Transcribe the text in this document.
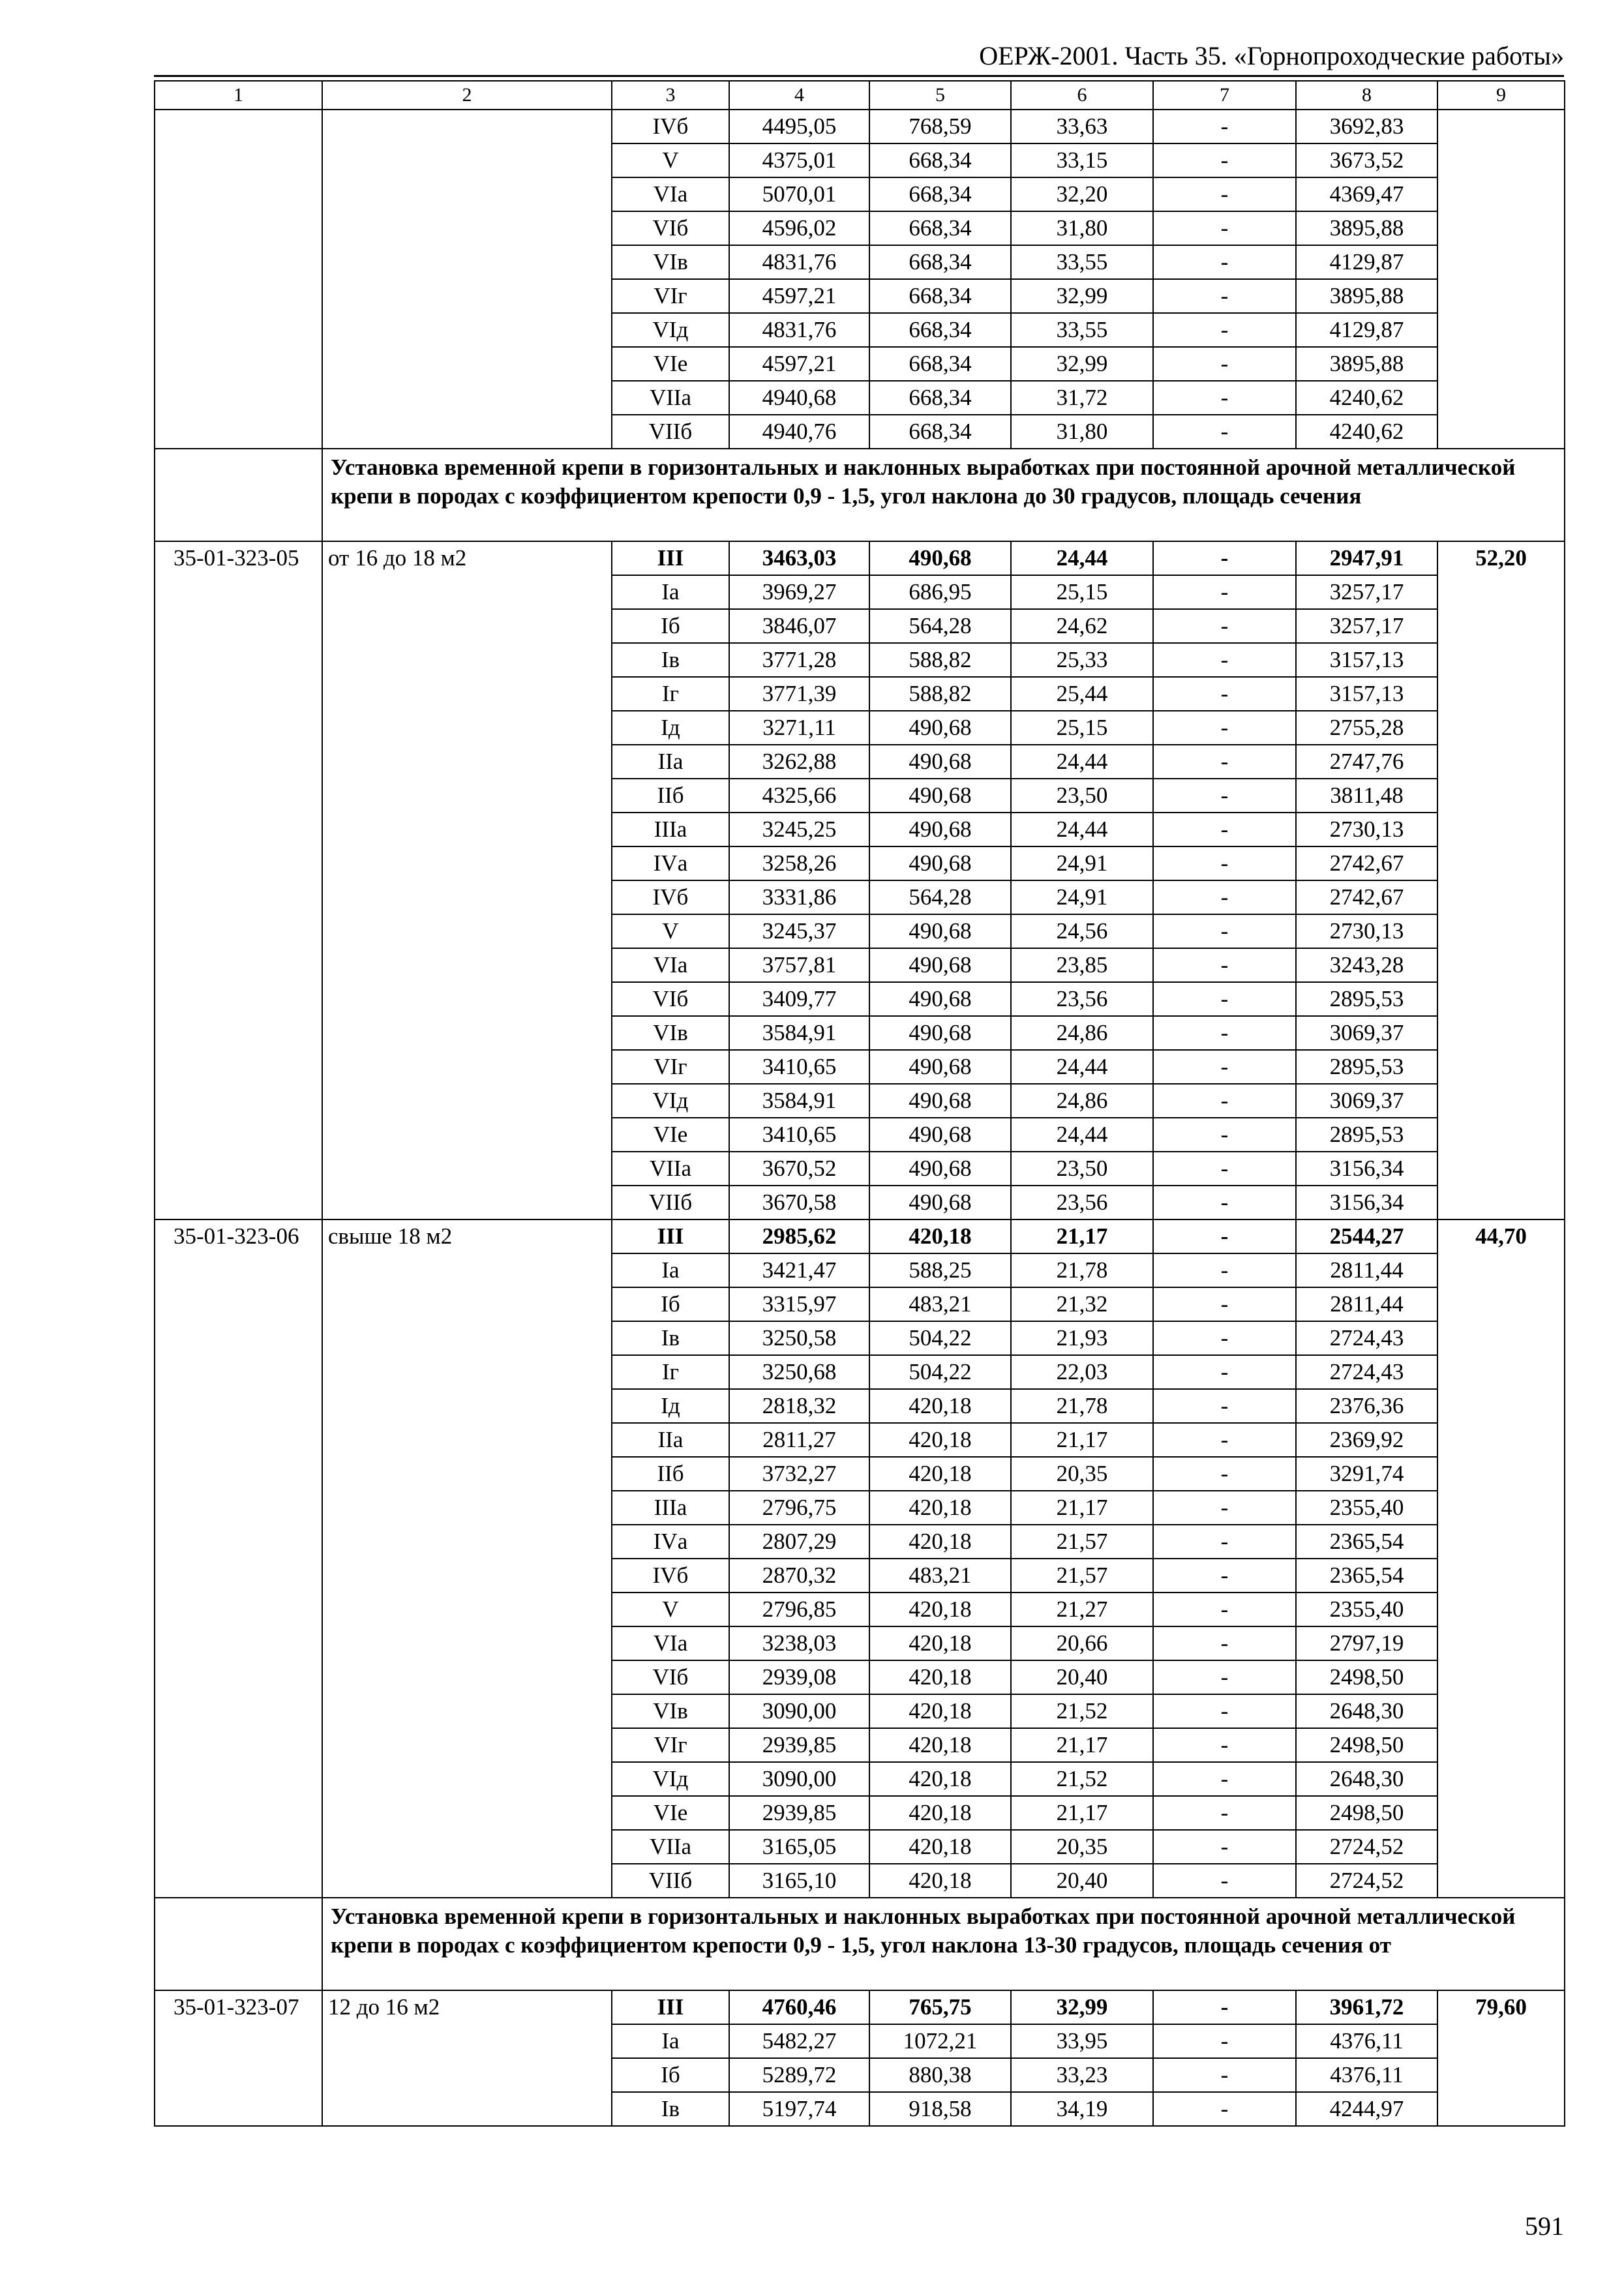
ОЕРЖ-2001. Часть 35. «Горнопроходческие работы»
1	2	3	4	5	6	7	8	9
		IVб	4495,05	768,59	33,63	-	3692,83	
		V	4375,01	668,34	33,15	-	3673,52	
		VIа	5070,01	668,34	32,20	-	4369,47	
		VIб	4596,02	668,34	31,80	-	3895,88	
		VIв	4831,76	668,34	33,55	-	4129,87	
		VIг	4597,21	668,34	32,99	-	3895,88	
		VIд	4831,76	668,34	33,55	-	4129,87	
		VIе	4597,21	668,34	32,99	-	3895,88	
		VIIа	4940,68	668,34	31,72	-	4240,62	
		VIIб	4940,76	668,34	31,80	-	4240,62	
	Установка временной крепи в горизонтальных и наклонных выработках при постоянной арочной металлической крепи в породах с коэффициентом крепости 0,9 - 1,5, угол наклона до 30 градусов, площадь сечения							
35-01-323-05	от 16 до 18 м2	III	3463,03	490,68	24,44	-	2947,91	52,20
		Iа	3969,27	686,95	25,15	-	3257,17	
		Iб	3846,07	564,28	24,62	-	3257,17	
		Iв	3771,28	588,82	25,33	-	3157,13	
		Iг	3771,39	588,82	25,44	-	3157,13	
		Iд	3271,11	490,68	25,15	-	2755,28	
		IIа	3262,88	490,68	24,44	-	2747,76	
		IIб	4325,66	490,68	23,50	-	3811,48	
		IIIа	3245,25	490,68	24,44	-	2730,13	
		IVа	3258,26	490,68	24,91	-	2742,67	
		IVб	3331,86	564,28	24,91	-	2742,67	
		V	3245,37	490,68	24,56	-	2730,13	
		VIа	3757,81	490,68	23,85	-	3243,28	
		VIб	3409,77	490,68	23,56	-	2895,53	
		VIв	3584,91	490,68	24,86	-	3069,37	
		VIг	3410,65	490,68	24,44	-	2895,53	
		VIд	3584,91	490,68	24,86	-	3069,37	
		VIе	3410,65	490,68	24,44	-	2895,53	
		VIIа	3670,52	490,68	23,50	-	3156,34	
		VIIб	3670,58	490,68	23,56	-	3156,34	
35-01-323-06	свыше 18 м2	III	2985,62	420,18	21,17	-	2544,27	44,70
		Iа	3421,47	588,25	21,78	-	2811,44	
		Iб	3315,97	483,21	21,32	-	2811,44	
		Iв	3250,58	504,22	21,93	-	2724,43	
		Iг	3250,68	504,22	22,03	-	2724,43	
		Iд	2818,32	420,18	21,78	-	2376,36	
		IIа	2811,27	420,18	21,17	-	2369,92	
		IIб	3732,27	420,18	20,35	-	3291,74	
		IIIа	2796,75	420,18	21,17	-	2355,40	
		IVа	2807,29	420,18	21,57	-	2365,54	
		IVб	2870,32	483,21	21,57	-	2365,54	
		V	2796,85	420,18	21,27	-	2355,40	
		VIа	3238,03	420,18	20,66	-	2797,19	
		VIб	2939,08	420,18	20,40	-	2498,50	
		VIв	3090,00	420,18	21,52	-	2648,30	
		VIг	2939,85	420,18	21,17	-	2498,50	
		VIд	3090,00	420,18	21,52	-	2648,30	
		VIе	2939,85	420,18	21,17	-	2498,50	
		VIIа	3165,05	420,18	20,35	-	2724,52	
		VIIб	3165,10	420,18	20,40	-	2724,52	
	Установка временной крепи в горизонтальных и наклонных выработках при постоянной арочной металлической крепи в породах с коэффициентом крепости 0,9 - 1,5, угол наклона 13-30 градусов, площадь сечения от							
35-01-323-07	12 до 16 м2	III	4760,46	765,75	32,99	-	3961,72	79,60
		Iа	5482,27	1072,21	33,95	-	4376,11	
		Iб	5289,72	880,38	33,23	-	4376,11	
		Iв	5197,74	918,58	34,19	-	4244,97	
591
